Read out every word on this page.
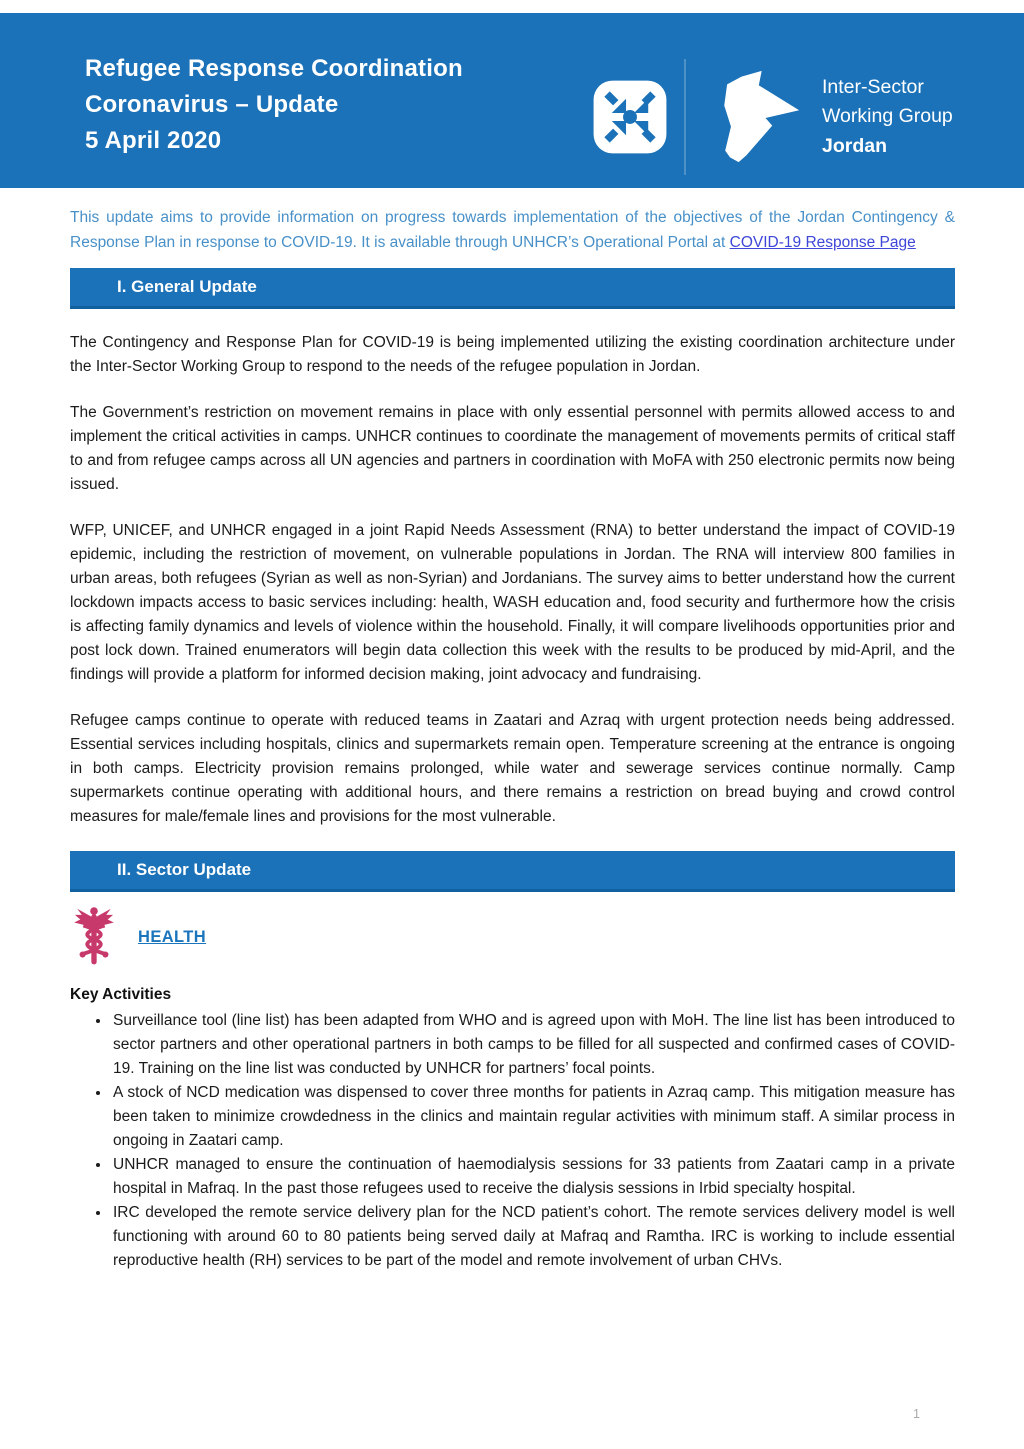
Refugee Response Coordination
Coronavirus – Update
5 April 2020
Inter-Sector
Working Group
Jordan

This update aims to provide information on progress towards implementation of the objectives of the Jordan Contingency & Response Plan in response to COVID-19. It is available through UNHCR’s Operational Portal at COVID-19 Response Page

I. General Update

The Contingency and Response Plan for COVID-19 is being implemented utilizing the existing coordination architecture under the Inter-Sector Working Group to respond to the needs of the refugee population in Jordan.

The Government’s restriction on movement remains in place with only essential personnel with permits allowed access to and implement the critical activities in camps. UNHCR continues to coordinate the management of movements permits of critical staff to and from refugee camps across all UN agencies and partners in coordination with MoFA with 250 electronic permits now being issued.

WFP, UNICEF, and UNHCR engaged in a joint Rapid Needs Assessment (RNA) to better understand the impact of COVID-19 epidemic, including the restriction of movement, on vulnerable populations in Jordan. The RNA will interview 800 families in urban areas, both refugees (Syrian as well as non-Syrian) and Jordanians. The survey aims to better understand how the current lockdown impacts access to basic services including: health, WASH education and, food security and furthermore how the crisis is affecting family dynamics and levels of violence within the household. Finally, it will compare livelihoods opportunities prior and post lock down. Trained enumerators will begin data collection this week with the results to be produced by mid-April, and the findings will provide a platform for informed decision making, joint advocacy and fundraising.

Refugee camps continue to operate with reduced teams in Zaatari and Azraq with urgent protection needs being addressed. Essential services including hospitals, clinics and supermarkets remain open. Temperature screening at the entrance is ongoing in both camps. Electricity provision remains prolonged, while water and sewerage services continue normally. Camp supermarkets continue operating with additional hours, and there remains a restriction on bread buying and crowd control measures for male/female lines and provisions for the most vulnerable.

II. Sector Update
HEALTH
Key Activities
• Surveillance tool (line list) has been adapted from WHO and is agreed upon with MoH. The line list has been introduced to sector partners and other operational partners in both camps to be filled for all suspected and confirmed cases of COVID-19. Training on the line list was conducted by UNHCR for partners’ focal points.
• A stock of NCD medication was dispensed to cover three months for patients in Azraq camp. This mitigation measure has been taken to minimize crowdedness in the clinics and maintain regular activities with minimum staff. A similar process in ongoing in Zaatari camp.
• UNHCR managed to ensure the continuation of haemodialysis sessions for 33 patients from Zaatari camp in a private hospital in Mafraq. In the past those refugees used to receive the dialysis sessions in Irbid specialty hospital.
• IRC developed the remote service delivery plan for the NCD patient’s cohort. The remote services delivery model is well functioning with around 60 to 80 patients being served daily at Mafraq and Ramtha. IRC is working to include essential reproductive health (RH) services to be part of the model and remote involvement of urban CHVs.
1
